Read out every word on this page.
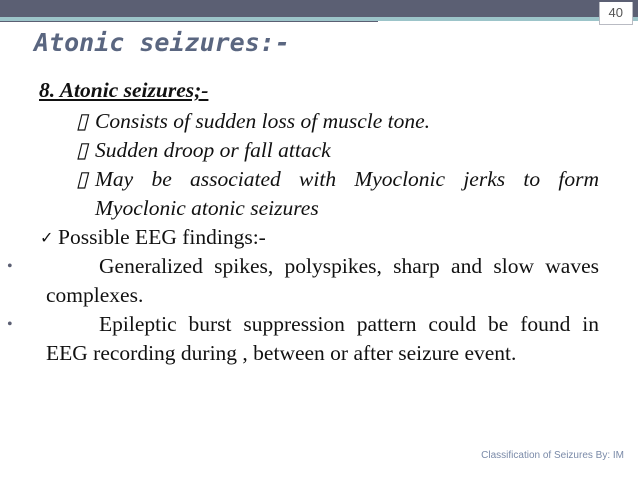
40
Atonic seizures:-
8. Atonic seizures;-
▯ Consists of sudden loss of muscle tone.
▯ Sudden droop or fall attack
▯ May be associated with Myoclonic jerks to form Myoclonic atonic seizures
✓ Possible EEG findings:-
•	Generalized spikes, polyspikes, sharp and slow waves complexes.
•	Epileptic burst suppression pattern could be found in EEG recording during , between or after seizure event.
Classification of Seizures By: IM
